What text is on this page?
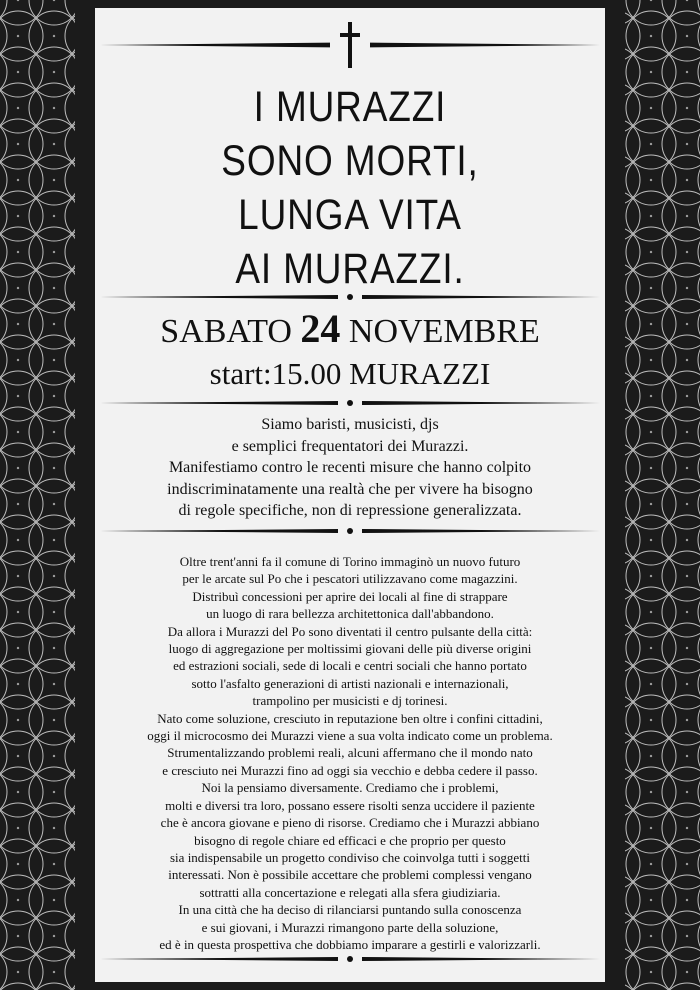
I MURAZZI
SONO MORTI,
LUNGA VITA
AI MURAZZI.
SABATO 24 NOVEMBRE
start:15.00 MURAZZI
Siamo baristi, musicisti, djs
e semplici frequentatori dei Murazzi.
Manifestiamo contro le recenti misure che hanno colpito
indiscriminatamente una realtà che per vivere ha bisogno
di regole specifiche, non di repressione generalizzata.
Oltre trent'anni fa il comune di Torino immaginò un nuovo futuro
per le arcate sul Po che i pescatori utilizzavano come magazzini.
Distribuì concessioni per aprire dei locali al fine di strappare
un luogo di rara bellezza architettonica dall'abbandono.
Da allora i Murazzi del Po sono diventati il centro pulsante della città:
luogo di aggregazione per moltissimi giovani delle più diverse origini
ed estrazioni sociali, sede di locali e centri sociali che hanno portato
sotto l'asfalto generazioni di artisti nazionali e internazionali,
trampolino per musicisti e dj torinesi.
Nato come soluzione, cresciuto in reputazione ben oltre i confini cittadini,
oggi il microcosmo dei Murazzi viene a sua volta indicato come un problema.
Strumentalizzando problemi reali, alcuni affermano che il mondo nato
e cresciuto nei Murazzi fino ad oggi sia vecchio e debba cedere il passo.
Noi la pensiamo diversamente. Crediamo che i problemi,
molti e diversi tra loro, possano essere risolti senza uccidere il paziente
che è ancora giovane e pieno di risorse. Crediamo che i Murazzi abbiano
bisogno di regole chiare ed efficaci e che proprio per questo
sia indispensabile un progetto condiviso che coinvolga tutti i soggetti
interessati. Non è possibile accettare che problemi complessi vengano
sottratti alla concertazione e relegati alla sfera giudiziaria.
In una città che ha deciso di rilanciarsi puntando sulla conoscenza
e sui giovani, i Murazzi rimangono parte della soluzione,
ed è in questa prospettiva che dobbiamo imparare a gestirli e valorizzarli.
